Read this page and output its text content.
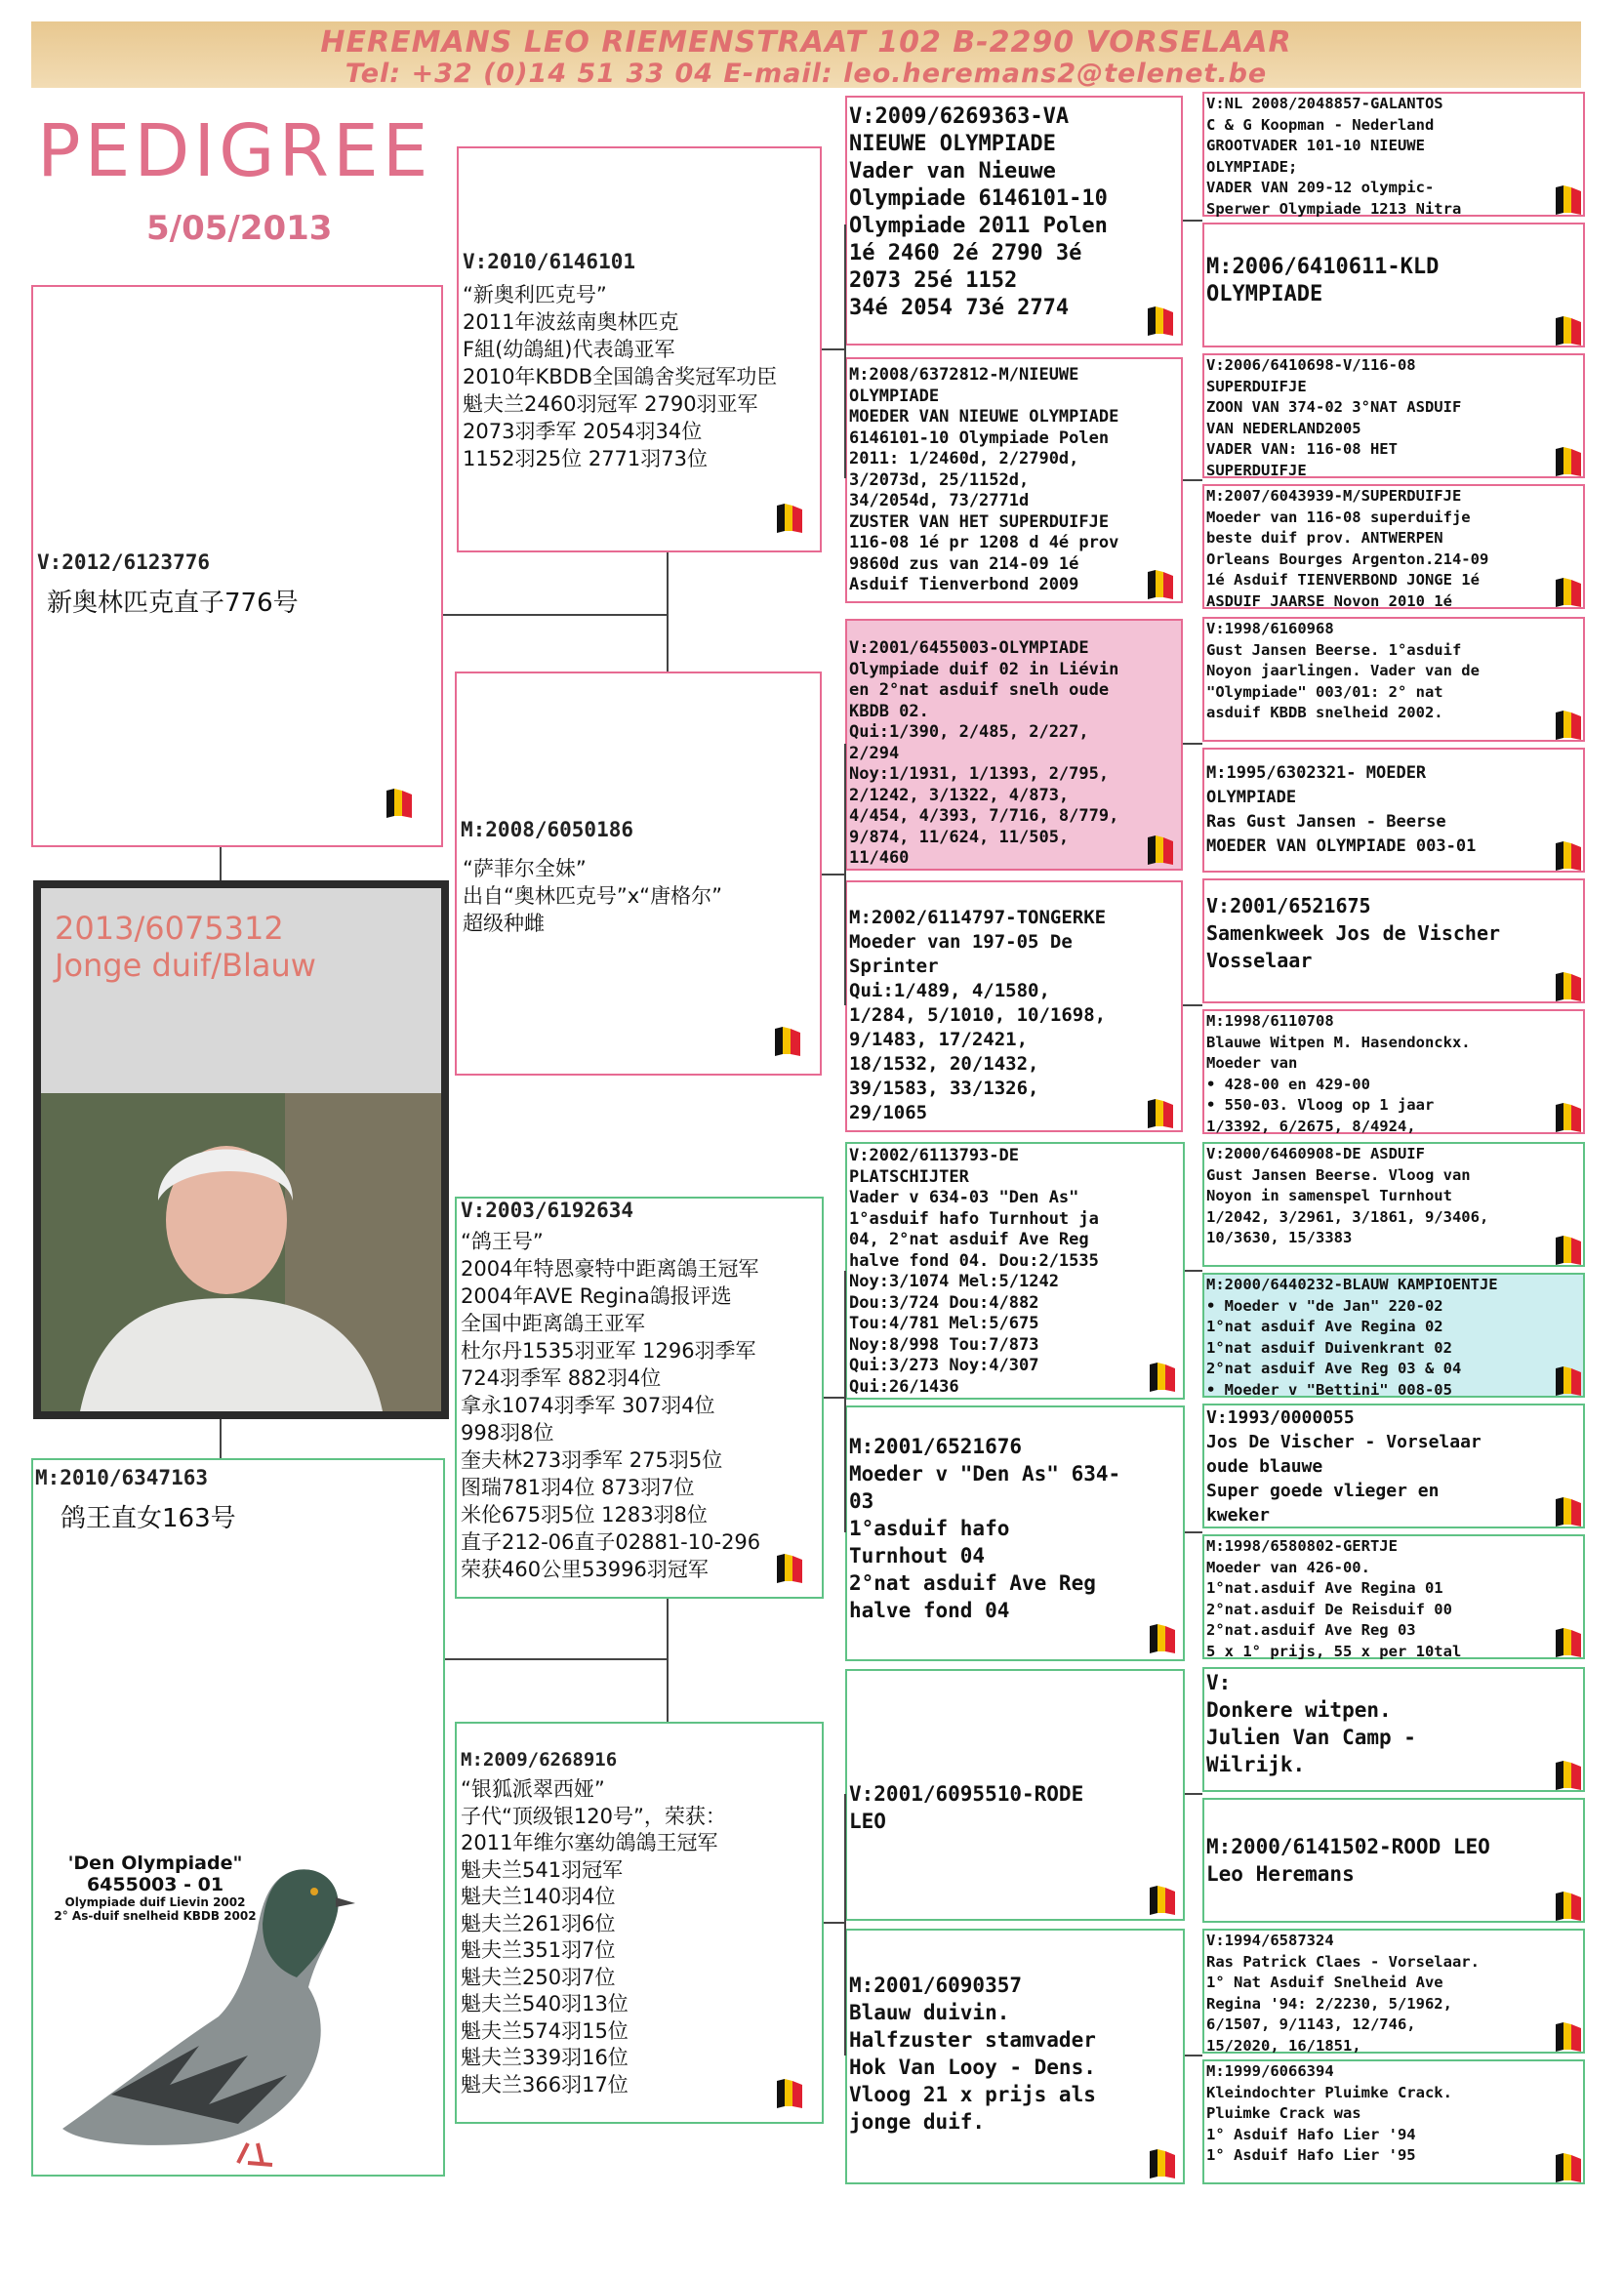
HEREMANS LEO RIEMENSTRAAT 102 B-2290 VORSELAAR
Tel: +32 (0)14 51 33 04 E-mail: leo.heremans2@telenet.be
PEDIGREE
5/05/2013
V:2012/6123776
新奥林匹克直子776号
2013/6075312
Jonge duif/Blauw
M:2010/6347163
鸽王直女163号
'Den Olympiade"
6455003 - 01
Olympiade duif Lievin 2002
2° As-duif snelheid KBDB 2002
V:2010/6146101
“新奥利匹克号”
2011年波兹南奥林匹克
F組(幼鴿組)代表鴿亚军
2010年KBDB全国鴿舍奖冠军功臣
魁夫兰2460羽冠军 2790羽亚军
2073羽季军 2054羽34位
1152羽25位 2771羽73位
M:2008/6050186
“萨菲尔全妹”
出自“奥林匹克号”x“唐格尔”
超级种雌
V:2003/6192634
“鸽王号”
2004年特恩豪特中距离鴿王冠军
2004年AVE Regina鴿报评选
全国中距离鴿王亚军
杜尔丹1535羽亚军 1296羽季军
724羽季军 882羽4位
拿永1074羽季军 307羽4位
998羽8位
奎夫林273羽季军 275羽5位
图瑞781羽4位 873羽7位
米伦675羽5位 1283羽8位
直子212-06直子02881-10-296
荣获460公里53996羽冠军
M:2009/6268916
“银狐派翠西娅”
子代“顶级银120号”，荣获：
2011年维尔塞幼鴿鴿王冠军
魁夫兰541羽冠军
魁夫兰140羽4位
魁夫兰261羽6位
魁夫兰351羽7位
魁夫兰250羽7位
魁夫兰540羽13位
魁夫兰574羽15位
魁夫兰339羽16位
魁夫兰366羽17位
V:2009/6269363-VA
NIEUWE OLYMPIADE
Vader van Nieuwe
Olympiade 6146101-10
Olympiade 2011 Polen
1é 2460 2é 2790 3é
2073 25é 1152
34é 2054 73é 2774
M:2008/6372812-M/NIEUWE
OLYMPIADE
MOEDER VAN NIEUWE OLYMPIADE
6146101-10 Olympiade Polen
2011: 1/2460d, 2/2790d,
3/2073d, 25/1152d,
34/2054d, 73/2771d
ZUSTER VAN HET SUPERDUIFJE
116-08 1é pr 1208 d 4é prov
9860d zus van 214-09 1é
Asduif Tienverbond 2009
V:2001/6455003-OLYMPIADE
Olympiade duif 02 in Liévin
en 2°nat asduif snelh oude
KBDB 02.
Qui:1/390, 2/485, 2/227,
2/294
Noy:1/1931, 1/1393, 2/795,
2/1242, 3/1322, 4/873,
4/454, 4/393, 7/716, 8/779,
9/874, 11/624, 11/505,
11/460
M:2002/6114797-TONGERKE
Moeder van 197-05 De
Sprinter
Qui:1/489, 4/1580,
1/284, 5/1010, 10/1698,
9/1483, 17/2421,
18/1532, 20/1432,
39/1583, 33/1326,
29/1065
V:2002/6113793-DE
PLATSCHIJTER
Vader v 634-03 "Den As"
1°asduif hafo Turnhout ja
04, 2°nat asduif Ave Reg
halve fond 04. Dou:2/1535
Noy:3/1074 Mel:5/1242
Dou:3/724 Dou:4/882
Tou:4/781 Mel:5/675
Noy:8/998 Tou:7/873
Qui:3/273 Noy:4/307
Qui:26/1436
M:2001/6521676
Moeder v "Den As" 634-
03
1°asduif hafo
Turnhout 04
2°nat asduif Ave Reg
halve fond 04
V:2001/6095510-RODE
LEO
M:2001/6090357
Blauw duivin.
Halfzuster stamvader
Hok Van Looy - Dens.
Vloog 21 x prijs als
jonge duif.
V:NL 2008/2048857-GALANTOS
C & G Koopman - Nederland
GROOTVADER 101-10 NIEUWE
OLYMPIADE;
VADER VAN 209-12 olympic-
Sperwer Olympiade 1213 Nitra
M:2006/6410611-KLD
OLYMPIADE
V:2006/6410698-V/116-08
SUPERDUIFJE
ZOON VAN 374-02 3°NAT ASDUIF
VAN NEDERLAND2005
VADER VAN: 116-08 HET
SUPERDUIFJE
M:2007/6043939-M/SUPERDUIFJE
Moeder van 116-08 superduifje
beste duif prov. ANTWERPEN
Orleans Bourges Argenton.214-09
1é Asduif TIENVERBOND JONGE 1é
ASDUIF JAARSE Novon 2010 1é
V:1998/6160968
Gust Jansen Beerse. 1°asduif
Noyon jaarlingen. Vader van de
"Olympiade" 003/01: 2° nat
asduif KBDB snelheid 2002.
M:1995/6302321- MOEDER
OLYMPIADE
Ras Gust Jansen - Beerse
MOEDER VAN OLYMPIADE 003-01
V:2001/6521675
Samenkweek Jos de Vischer
Vosselaar
M:1998/6110708
Blauwe Witpen M. Hasendonckx.
Moeder van
• 428-00 en 429-00
• 550-03. Vloog op 1 jaar
1/3392, 6/2675, 8/4924,
V:2000/6460908-DE ASDUIF
Gust Jansen Beerse. Vloog van
Noyon in samenspel Turnhout
1/2042, 3/2961, 3/1861, 9/3406,
10/3630, 15/3383
M:2000/6440232-BLAUW KAMPIOENTJE
• Moeder v "de Jan" 220-02
1°nat asduif Ave Regina 02
1°nat asduif Duivenkrant 02
2°nat asduif Ave Reg 03 & 04
• Moeder v "Bettini" 008-05
V:1993/0000055
Jos De Vischer - Vorselaar
oude blauwe
Super goede vlieger en
kweker
M:1998/6580802-GERTJE
Moeder van 426-00.
1°nat.asduif Ave Regina 01
2°nat.asduif De Reisduif 00
2°nat.asduif Ave Reg 03
5 x 1° prijs, 55 x per 10tal
V:
Donkere witpen.
Julien Van Camp -
Wilrijk.
M:2000/6141502-ROOD LEO
Leo Heremans
V:1994/6587324
Ras Patrick Claes - Vorselaar.
1° Nat Asduif Snelheid Ave
Regina '94: 2/2230, 5/1962,
6/1507, 9/1143, 12/746,
15/2020, 16/1851,
M:1999/6066394
Kleindochter Pluimke Crack.
Pluimke Crack was
1° Asduif Hafo Lier '94
1° Asduif Hafo Lier '95
